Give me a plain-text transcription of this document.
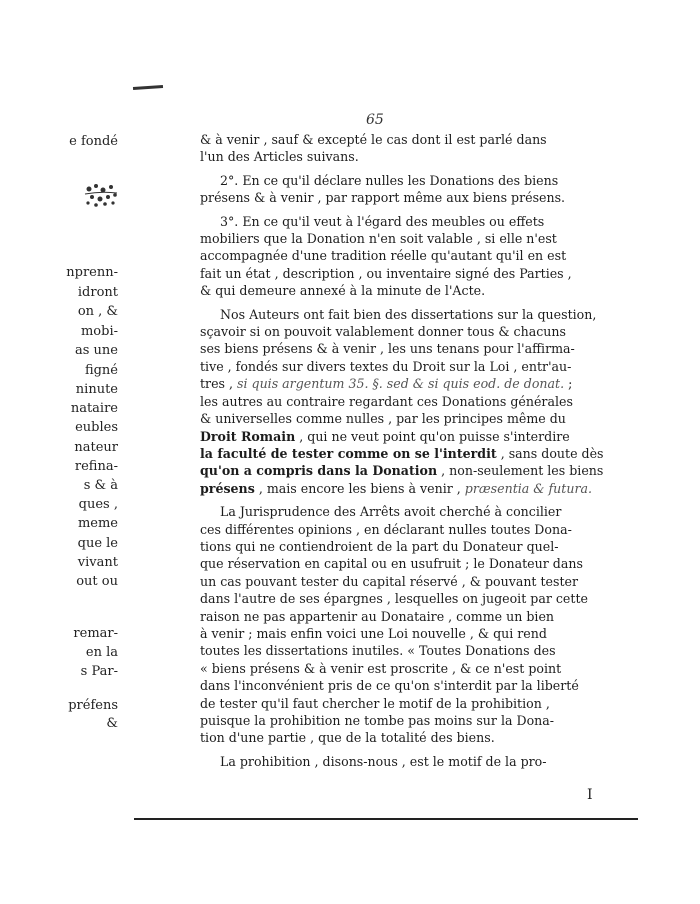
65
e fondé
nprenn-
idront
on , &
mobi-
as une
figné
ninute
nataire
eubles
nateur
refina-
s & à
ques ,
meme
que le
vivant
out ou
remar-
en la
s Par-
préfens
&

& à venir , sauf & excepté le cas dont il est parlé dans

l'un des Articles suivans.

2°. En ce qu'il déclare nulles les Donations des biens

présens & à venir , par rapport même aux biens présens.

3°. En ce qu'il veut à l'égard des meubles ou effets

mobiliers que la Donation n'en soit valable , si elle n'est

accompagnée d'une tradition réelle qu'autant qu'il en est

fait un état , description , ou inventaire signé des Parties ,

& qui demeure annexé à la minute de l'Acte.

Nos Auteurs ont fait bien des dissertations sur la question,

sçavoir si on pouvoit valablement donner tous & chacuns

ses biens présens & à venir , les uns tenans pour l'affirma-

tive , fondés sur divers textes du Droit sur la Loi , entr'au-

tres , si quis argentum 35. §. sed & si quis eod. de donat. ;

les autres au contraire regardant ces Donations générales

& universelles comme nulles , par les principes même du

Droit Romain , qui ne veut point qu'on puisse s'interdire

la faculté de tester comme on se l'interdit , sans doute dès

qu'on a compris dans la Donation , non-seulement les biens

présens , mais encore les biens à venir , præsentia & futura.

La Jurisprudence des Arrêts avoit cherché à concilier

ces différentes opinions , en déclarant nulles toutes Dona-

tions qui ne contiendroient de la part du Donateur quel-

que réservation en capital ou en usufruit ; le Donateur dans

un cas pouvant tester du capital réservé , & pouvant tester

dans l'autre de ses épargnes , lesquelles on jugeoit par cette

raison ne pas appartenir au Donataire , comme un bien

à venir ; mais enfin voici une Loi nouvelle , & qui rend

toutes les dissertations inutiles. « Toutes Donations des

« biens présens & à venir est proscrite , & ce n'est point

dans l'inconvénient pris de ce qu'on s'interdit par la liberté

de tester qu'il faut chercher le motif de la prohibition ,

puisque la prohibition ne tombe pas moins sur la Dona-

tion d'une partie , que de la totalité des biens.

La prohibition , disons-nous , est le motif de la pro-

I
